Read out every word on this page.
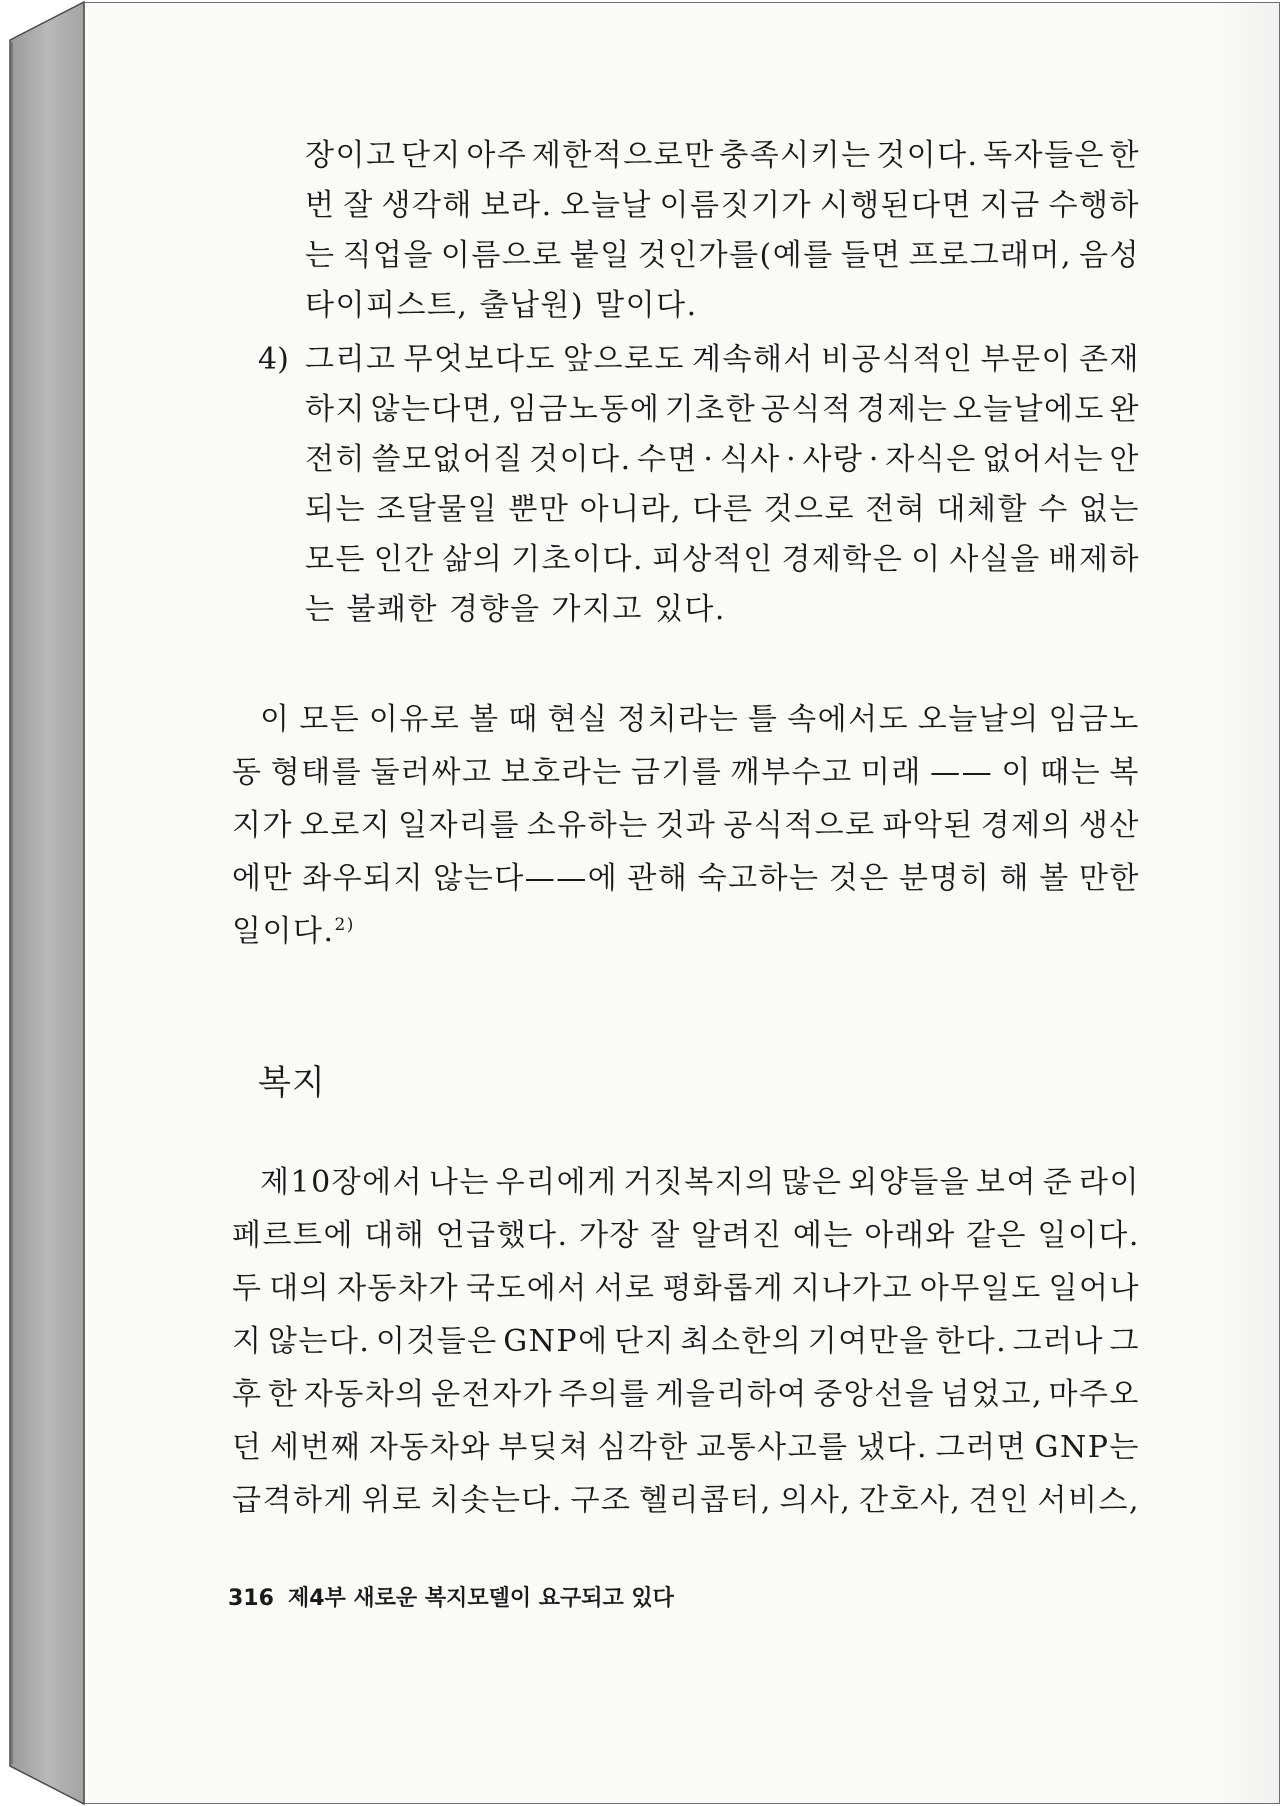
장이고 단지 아주 제한적으로만 충족시키는 것이다. 독자들은 한
번 잘 생각해 보라. 오늘날 이름짓기가 시행된다면 지금 수행하
는 직업을 이름으로 붙일 것인가를(예를 들면 프로그래머, 음성
타이피스트, 출납원) 말이다.
4) 그리고 무엇보다도 앞으로도 계속해서 비공식적인 부문이 존재
하지 않는다면, 임금노동에 기초한 공식적 경제는 오늘날에도 완
전히 쓸모없어질 것이다. 수면 · 식사 · 사랑 · 자식은 없어서는 안
되는 조달물일 뿐만 아니라, 다른 것으로 전혀 대체할 수 없는
모든 인간 삶의 기초이다. 피상적인 경제학은 이 사실을 배제하
는 불쾌한 경향을 가지고 있다.
이 모든 이유로 볼 때 현실 정치라는 틀 속에서도 오늘날의 임금노
동 형태를 둘러싸고 보호라는 금기를 깨부수고 미래 —— 이 때는 복
지가 오로지 일자리를 소유하는 것과 공식적으로 파악된 경제의 생산
에만 좌우되지 않는다——에 관해 숙고하는 것은 분명히 해 볼 만한
일이다.$^{2)}$
복지
제10장에서 나는 우리에게 거짓복지의 많은 외양들을 보여 준 라이
페르트에 대해 언급했다. 가장 잘 알려진 예는 아래와 같은 일이다.
두 대의 자동차가 국도에서 서로 평화롭게 지나가고 아무일도 일어나
지 않는다. 이것들은 GNP에 단지 최소한의 기여만을 한다. 그러나 그
후 한 자동차의 운전자가 주의를 게을리하여 중앙선을 넘었고, 마주오
던 세번째 자동차와 부딪쳐 심각한 교통사고를 냈다. 그러면 GNP는
급격하게 위로 치솟는다. 구조 헬리콥터, 의사, 간호사, 견인 서비스,
316 제4부 새로운 복지모델이 요구되고 있다
